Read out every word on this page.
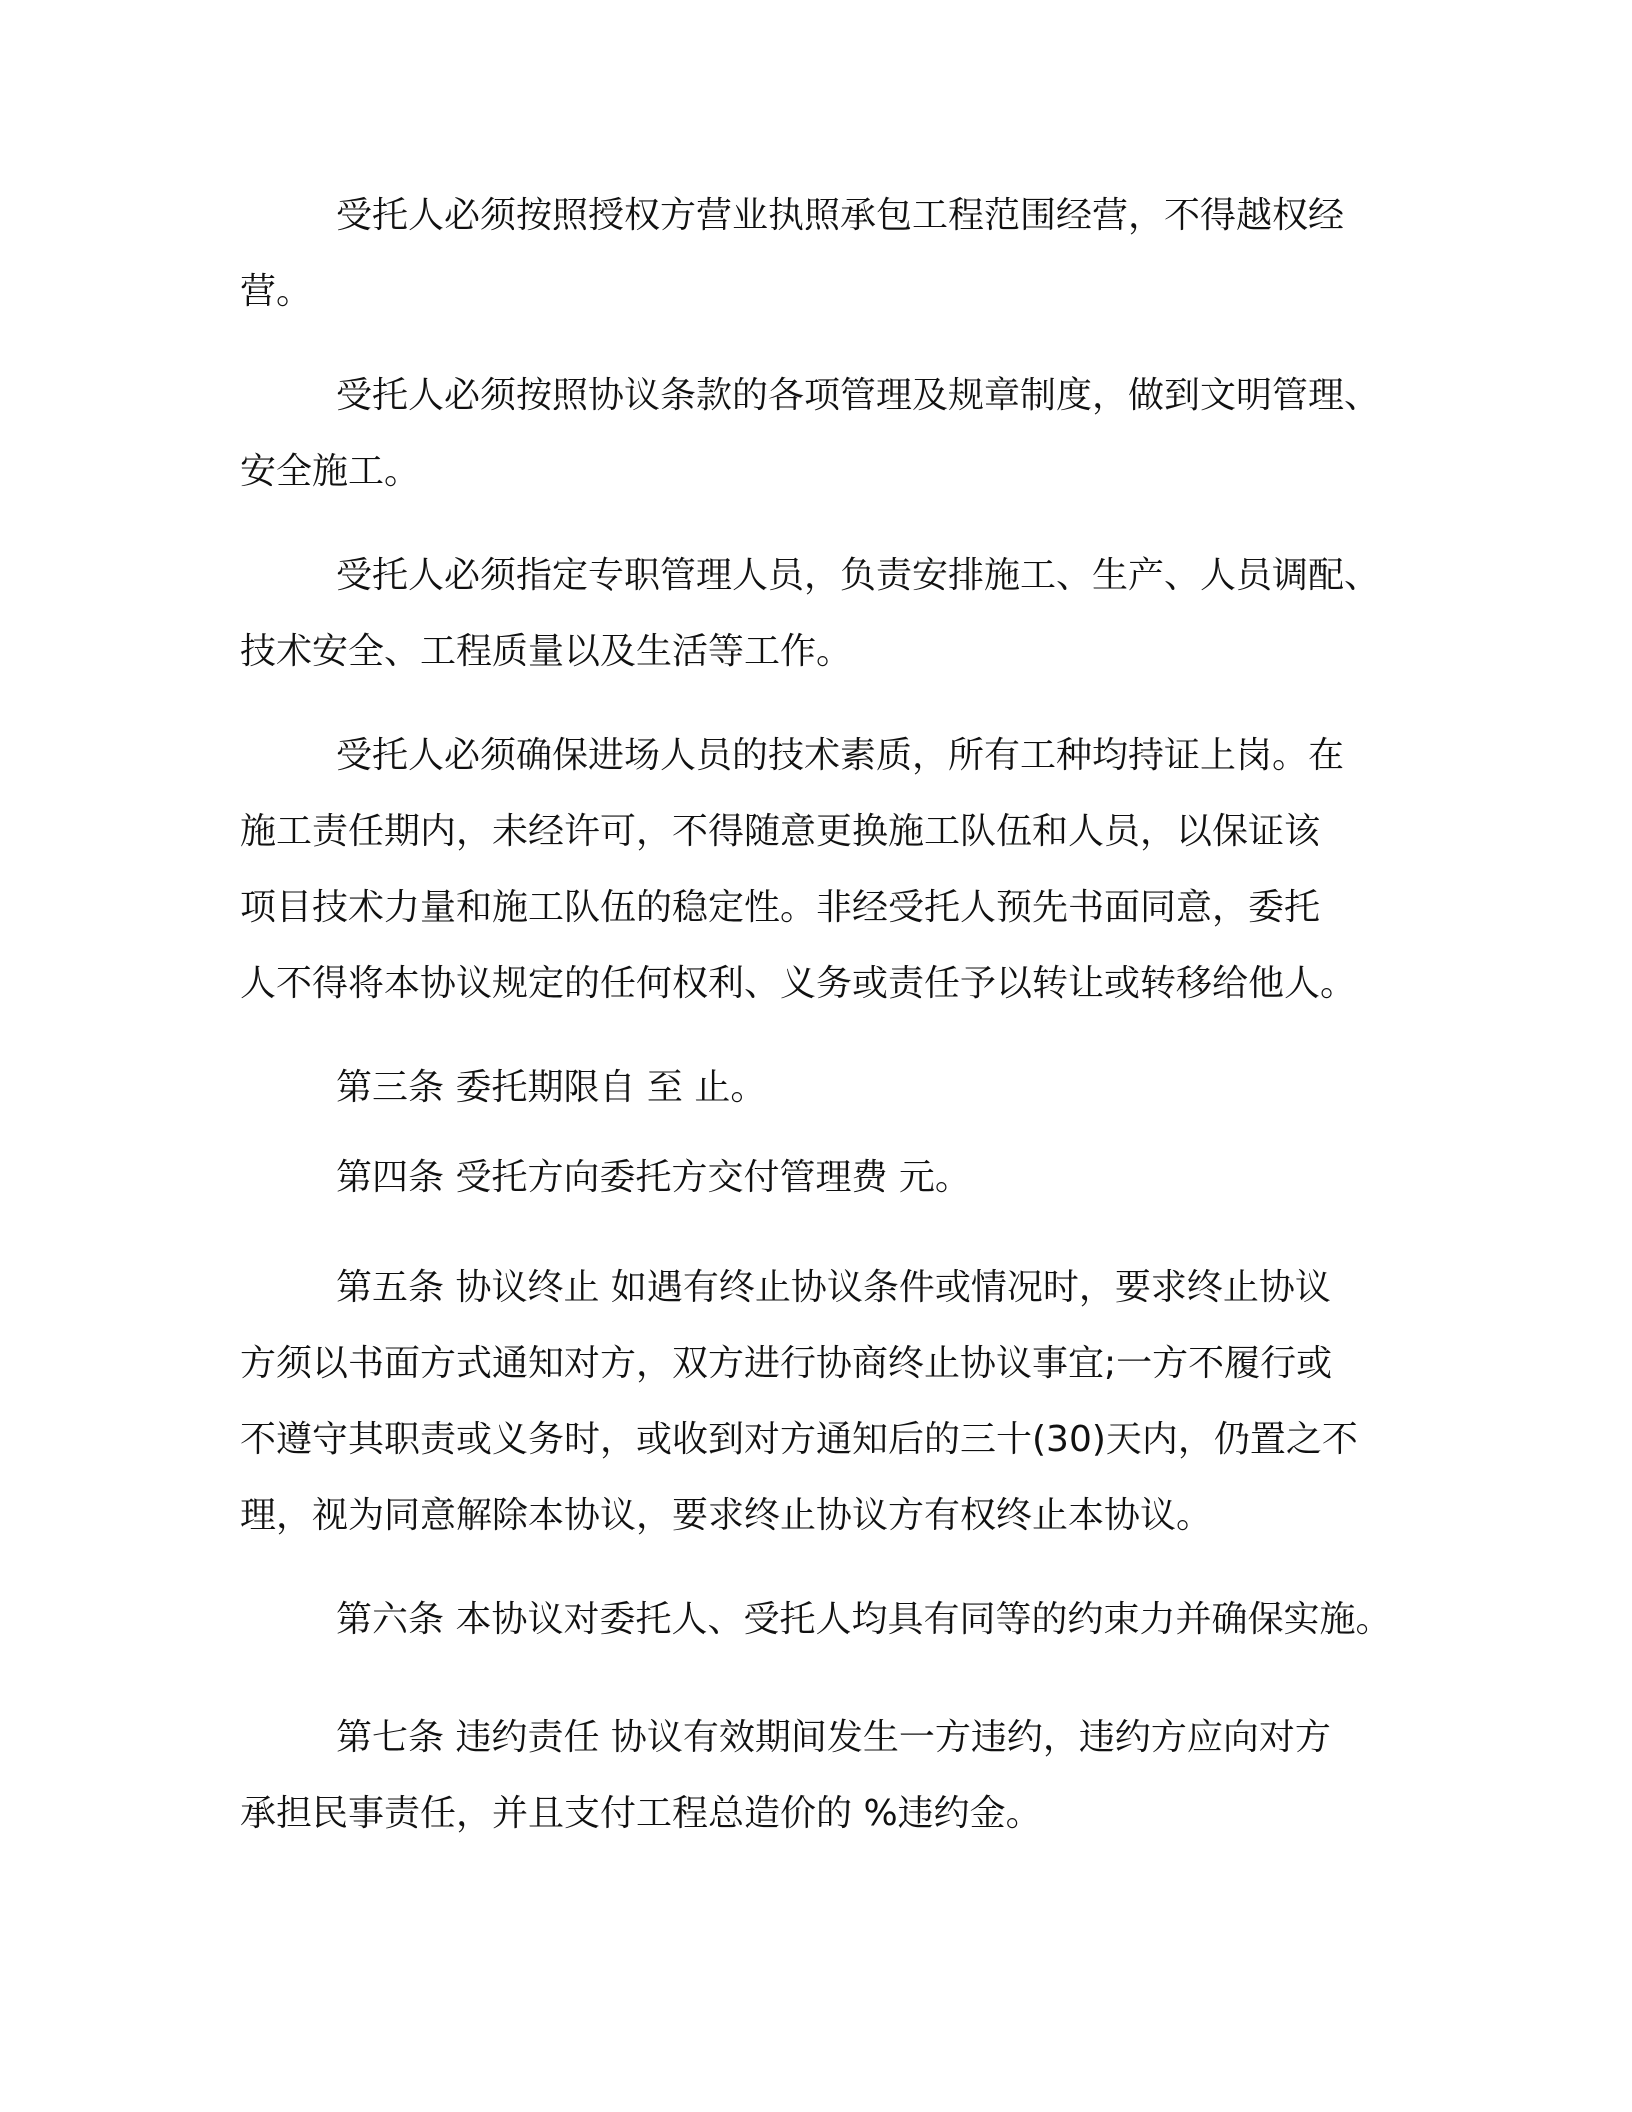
受托人必须按照授权方营业执照承包工程范围经营，不得越权经
营。
受托人必须按照协议条款的各项管理及规章制度，做到文明管理、
安全施工。
受托人必须指定专职管理人员，负责安排施工、生产、人员调配、
技术安全、工程质量以及生活等工作。
受托人必须确保进场人员的技术素质，所有工种均持证上岗。在
施工责任期内，未经许可，不得随意更换施工队伍和人员，以保证该
项目技术力量和施工队伍的稳定性。非经受托人预先书面同意，委托
人不得将本协议规定的任何权利、义务或责任予以转让或转移给他人。
第三条 委托期限自 至 止。
第四条 受托方向委托方交付管理费 元。
第五条 协议终止 如遇有终止协议条件或情况时，要求终止协议
方须以书面方式通知对方，双方进行协商终止协议事宜;一方不履行或
不遵守其职责或义务时，或收到对方通知后的三十(30)天内，仍置之不
理，视为同意解除本协议，要求终止协议方有权终止本协议。
第六条 本协议对委托人、受托人均具有同等的约束力并确保实施。
第七条 违约责任 协议有效期间发生一方违约，违约方应向对方
承担民事责任，并且支付工程总造价的 %违约金。
